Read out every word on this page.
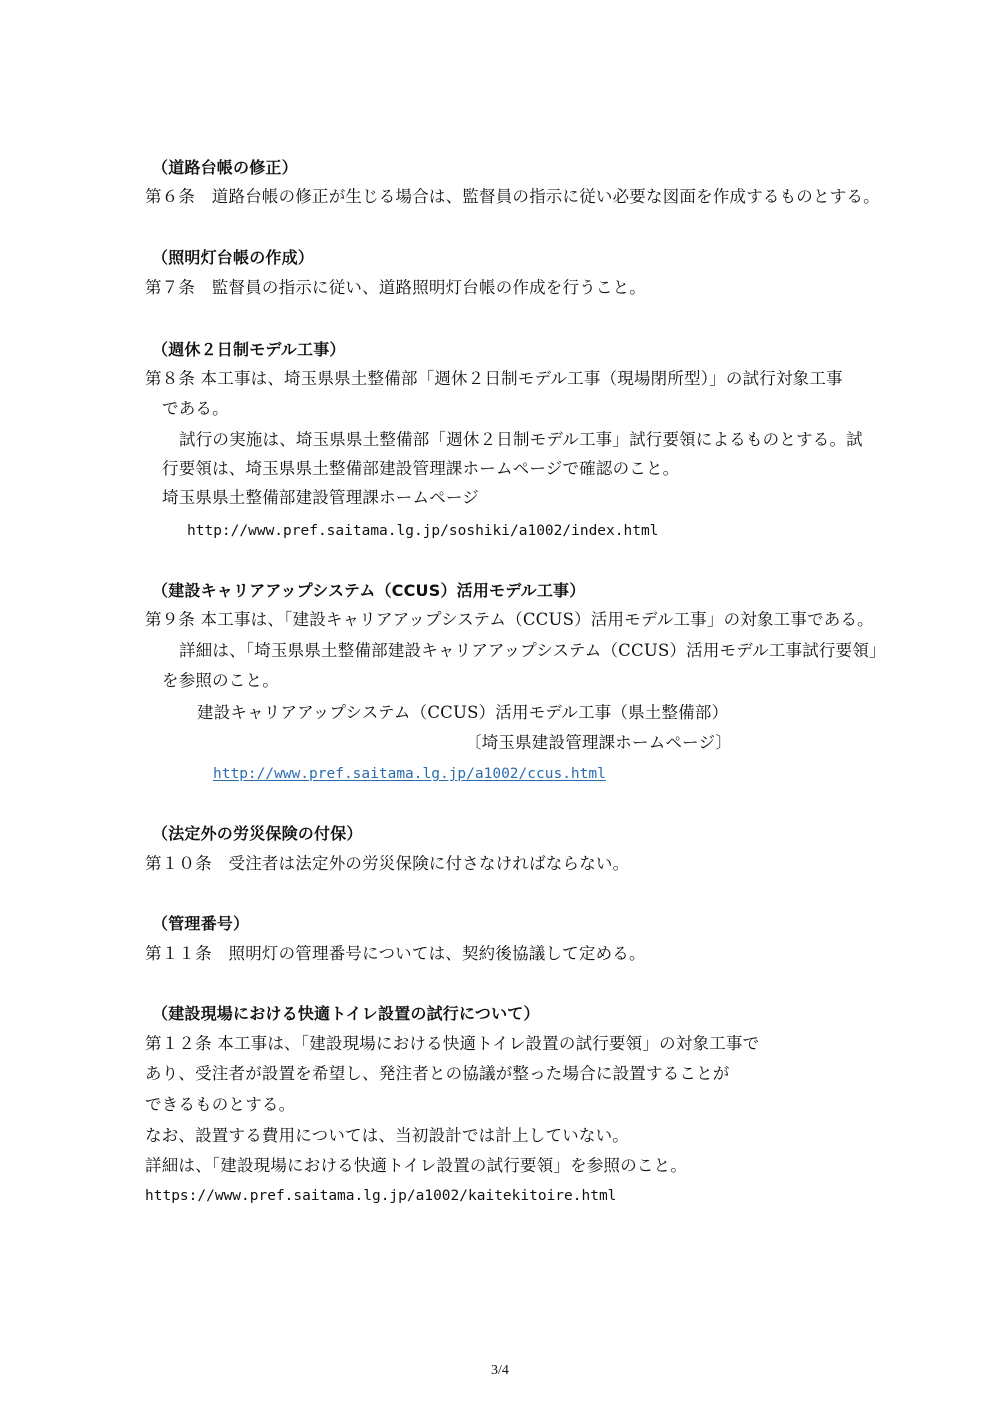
（道路台帳の修正）
第６条　道路台帳の修正が生じる場合は、監督員の指示に従い必要な図面を作成するものとする。
（照明灯台帳の作成）
第７条　監督員の指示に従い、道路照明灯台帳の作成を行うこと。
（週休２日制モデル工事）
第８条 本工事は、埼玉県県土整備部「週休２日制モデル工事（現場閉所型）」の試行対象工事
である。
試行の実施は、埼玉県県土整備部「週休２日制モデル工事」試行要領によるものとする。試
行要領は、埼玉県県土整備部建設管理課ホームページで確認のこと。
埼玉県県土整備部建設管理課ホームページ
http://www.pref.saitama.lg.jp/soshiki/a1002/index.html
（建設キャリアアップシステム（CCUS）活用モデル工事）
第９条 本工事は、「建設キャリアアップシステム（CCUS）活用モデル工事」の対象工事である。
詳細は、「埼玉県県土整備部建設キャリアアップシステム（CCUS）活用モデル工事試行要領」
を参照のこと。
建設キャリアアップシステム（CCUS）活用モデル工事（県土整備部）
〔埼玉県建設管理課ホームページ〕
http://www.pref.saitama.lg.jp/a1002/ccus.html
（法定外の労災保険の付保）
第１０条　受注者は法定外の労災保険に付さなければならない。
（管理番号）
第１１条　照明灯の管理番号については、契約後協議して定める。
（建設現場における快適トイレ設置の試行について）
第１２条 本工事は、「建設現場における快適トイレ設置の試行要領」の対象工事で
あり、受注者が設置を希望し、発注者との協議が整った場合に設置することが
できるものとする。
なお、設置する費用については、当初設計では計上していない。
詳細は、「建設現場における快適トイレ設置の試行要領」を参照のこと。
https://www.pref.saitama.lg.jp/a1002/kaitekitoire.html
3/4
